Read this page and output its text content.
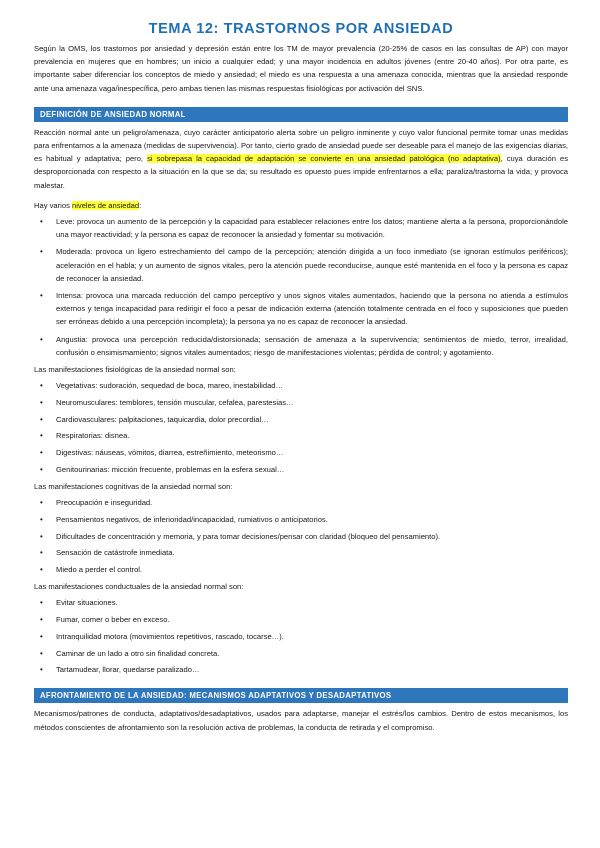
TEMA 12: TRASTORNOS POR ANSIEDAD

Según la OMS, los trastornos por ansiedad y depresión están entre los TM de mayor prevalencia (20-25% de casos en las consultas de AP) con mayor prevalencia en mujeres que en hombres; un inicio a cualquier edad; y una mayor incidencia en adultos jóvenes (entre 20-40 años). Por otra parte, es importante saber diferenciar los conceptos de miedo y ansiedad; el miedo es una respuesta a una amenaza conocida, mientras que la ansiedad responde ante una amenaza vaga/inespecífica, pero ambas tienen las mismas respuestas fisiológicas por activación del SNS.

DEFINICIÓN DE ANSIEDAD NORMAL

Reacción normal ante un peligro/amenaza, cuyo carácter anticipatorio alerta sobre un peligro inminente y cuyo valor funcional permite tomar unas medidas para enfrentarnos a la amenaza (medidas de supervivencia). Por tanto, cierto grado de ansiedad puede ser deseable para el manejo de las exigencias diarias, es habitual y adaptativa; pero, si sobrepasa la capacidad de adaptación se convierte en una ansiedad patológica (no adaptativa), cuya duración es desproporcionada con respecto a la situación en la que se da; su resultado es opuesto pues impide enfrentarnos a ella; paraliza/trastorna la vida; y provoca malestar.

Hay varios niveles de ansiedad:

• Leve: provoca un aumento de la percepción y la capacidad para establecer relaciones entre los datos; mantiene alerta a la persona, proporcionándole una mayor reactividad; y la persona es capaz de reconocer la ansiedad y fomentar su motivación.
• Moderada: provoca un ligero estrechamiento del campo de la percepción; atención dirigida a un foco inmediato (se ignoran estímulos periféricos); aceleración en el habla; y un aumento de signos vitales, pero la atención puede reconducirse, aunque esté mantenida en el foco y la persona es capaz de reconocer la ansiedad.
• Intensa: provoca una marcada reducción del campo perceptivo y unos signos vitales aumentados, haciendo que la persona no atienda a estímulos externos y tenga incapacidad para redirigir el foco a pesar de indicación externa (atención totalmente centrada en el foco y suposiciones que pueden ser erróneas debido a una percepción incompleta); la persona ya no es capaz de reconocer la ansiedad.
• Angustia: provoca una percepción reducida/distorsionada; sensación de amenaza a la supervivencia; sentimientos de miedo, terror, irrealidad, confusión o ensimismamiento; signos vitales aumentados; riesgo de manifestaciones violentas; pérdida de control; y agotamiento.

Las manifestaciones fisiológicas de la ansiedad normal son:

• Vegetativas: sudoración, sequedad de boca, mareo, inestabilidad…
• Neuromusculares: temblores, tensión muscular, cefalea, parestesias…
• Cardiovasculares: palpitaciones, taquicardia, dolor precordial…
• Respiratorias: disnea.
• Digestivas: náuseas, vómitos, diarrea, estreñimiento, meteorismo…
• Genitourinarias: micción frecuente, problemas en la esfera sexual…

Las manifestaciones cognitivas de la ansiedad normal son:

• Preocupación e inseguridad.
• Pensamientos negativos, de inferioridad/incapacidad, rumiativos o anticipatorios.
• Dificultades de concentración y memoria, y para tomar decisiones/pensar con claridad (bloqueo del pensamiento).
• Sensación de catástrofe inmediata.
• Miedo a perder el control.

Las manifestaciones conductuales de la ansiedad normal son:

• Evitar situaciones.
• Fumar, comer o beber en exceso.
• Intranquilidad motora (movimientos repetitivos, rascado, tocarse…).
• Caminar de un lado a otro sin finalidad concreta.
• Tartamudear, llorar, quedarse paralizado…
AFRONTAMIENTO DE LA ANSIEDAD: MECANISMOS ADAPTATIVOS Y DESADAPTATIVOS

Mecanismos/patrones de conducta, adaptativos/desadaptativos, usados para adaptarse, manejar el estrés/los cambios. Dentro de estos mecanismos, los métodos conscientes de afrontamiento son la resolución activa de problemas, la conducta de retirada y el compromiso.
